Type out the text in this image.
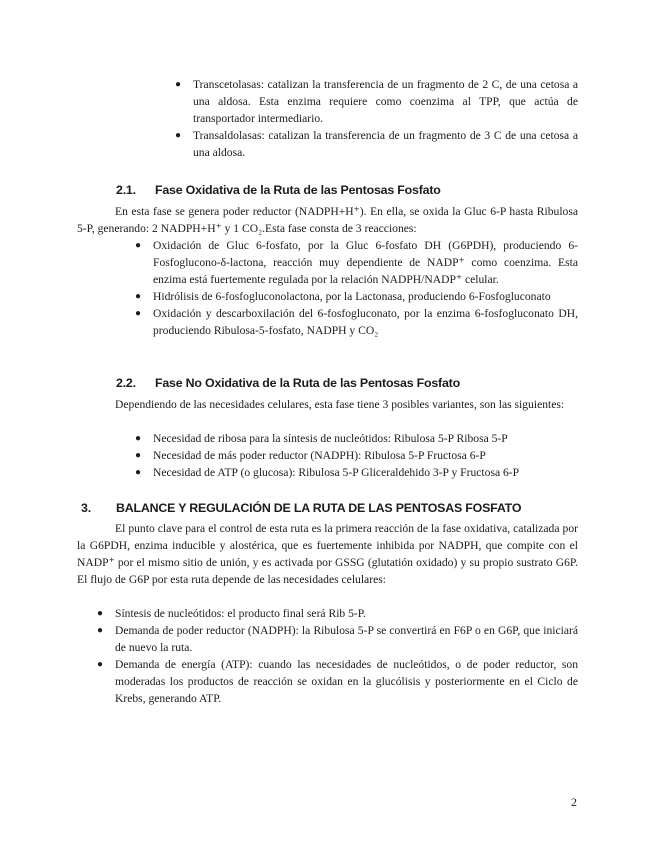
● Transcetolasas: catalizan la transferencia de un fragmento de 2 C, de una cetosa a una aldosa. Esta enzima requiere como coenzima al TPP, que actúa de transportador intermediario.
● Transaldolasas: catalizan la transferencia de un fragmento de 3 C de una cetosa a una aldosa.
2.1. Fase Oxidativa de la Ruta de las Pentosas Fosfato

En esta fase se genera poder reductor (NADPH+H⁺). En ella, se oxida la Gluc 6-P hasta Ribulosa 5-P, generando: 2 NADPH+H⁺ y 1 CO₂.Esta fase consta de 3 reacciones:

● Oxidación de Gluc 6-fosfato, por la Gluc 6-fosfato DH (G6PDH), produciendo 6-Fosfoglucono-δ-lactona, reacción muy dependiente de NADP⁺ como coenzima. Esta enzima está fuertemente regulada por la relación NADPH/NADP⁺ celular.
● Hidrólisis de 6-fosfogluconolactona, por la Lactonasa, produciendo 6-Fosfogluconato
● Oxidación y descarboxilación del 6-fosfogluconato, por la enzima 6-fosfogluconato DH, produciendo Ribulosa-5-fosfato, NADPH y CO₂
2.2. Fase No Oxidativa de la Ruta de las Pentosas Fosfato

Dependiendo de las necesidades celulares, esta fase tiene 3 posibles variantes, son las siguientes:

● Necesidad de ribosa para la síntesis de nucleótidos: Ribulosa 5-P Ribosa 5-P
● Necesidad de más poder reductor (NADPH): Ribulosa 5-P Fructosa 6-P
● Necesidad de ATP (o glucosa): Ribulosa 5-P Gliceraldehido 3-P y Fructosa 6-P
3. BALANCE Y REGULACIÓN DE LA RUTA DE LAS PENTOSAS FOSFATO

El punto clave para el control de esta ruta es la primera reacción de la fase oxidativa, catalizada por la G6PDH, enzima inducible y alostérica, que es fuertemente inhibida por NADPH, que compite con el NADP⁺ por el mismo sitio de unión, y es activada por GSSG (glutatión oxidado) y su propio sustrato G6P. El flujo de G6P por esta ruta depende de las necesidades celulares:

● Síntesis de nucleótidos: el producto final será Rib 5-P.
● Demanda de poder reductor (NADPH): la Ribulosa 5-P se convertirá en F6P o en G6P, que iniciará de nuevo la ruta.
● Demanda de energía (ATP): cuando las necesidades de nucleótidos, o de poder reductor, son moderadas los productos de reacción se oxidan en la glucólisis y posteriormente en el Ciclo de Krebs, generando ATP.
2
